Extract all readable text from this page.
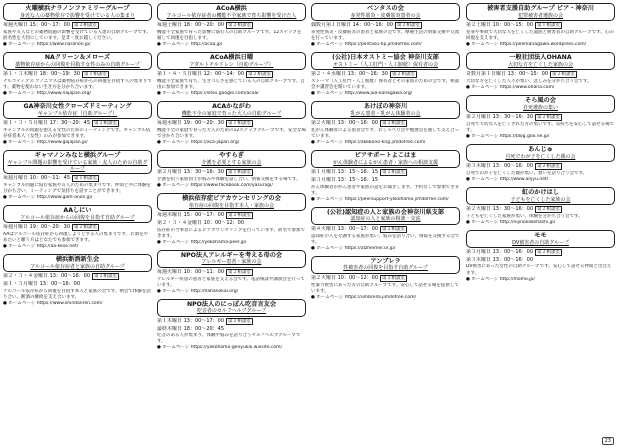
火曜横浜ナラノンファミリーグループ
身近な人の薬物依存で影響を受けている人の集まり
毎週火曜日 15：00～17：00 第２相談室
家族や友人などの薬物問題の影響を受けている人達の自助グループです。匿名性を大切にしています。是非一度お越しください。
● ホームページ https://www.naranon.jp/
NAクリーン＆メローズ
薬物依存症からの回復を目指す女性のみの自助グループ
第１・３木曜日 18：00～19：30 第１相談室
ナルコティクス アノニマスは薬物依存症からの回復を目指す人の集まりです。薬物を使わない生き方を分かち合います。
● ホームページ http://www.najapan.org/
GA神奈川女性クローズドミーティング
ギャンブル依存症（自助グループ）
第１・３・５月曜日 17：30～20：45 第２相談室
ギャンブルの問題を抱える女性のためのミーティングです。ギャンブル依存症者本人（女性）のみが参加できます。
● ホームページ http://www.gajapan.jp/
ギャマノンみなと横浜グループ
ギャンブル問題の影響を受けている家族・友人のための自助グループ
毎週月曜日 10：00～11：45 第１相談室
ギャンブル問題に悩む家族や友人のための集まりです。仲間と共に体験を分かち合い、ミーティングで気持ちを話すことができます。
● ホームページ http://www.gam-anon.jp/
AAしにい
アルコール依存症からの回復を目指す自助グループ
毎週月曜日 19：00～20：30 第２相談室
AAはアルコール依存症から回復しようとする人の集まりです。お酒をやめたいと願う方はどなたでも参加できます。
● ホームページ http://aa-kkse.net/
横浜断酒新生会
アルコール依存症者と家族の自助グループ
第２・３・４金曜日 13：00～16：00 第２相談室
第１・３月曜日 13：00～16：00
アルコール依存症から回復を目指す本人と家族の会です。例会で体験を語り合い、断酒の継続を支え合います。
● ホームページ https://www.shindanren.com/
ACoA横浜
アルコール依存症者の機能不全家族で育ち影響を受けた人
毎週土曜日 18：00～20：00 第２相談室
機能不全家族で育った影響に悩む人の自助グループです。12ステップを通して回復を目指します。
● ホームページ http://acoa.jp/
ACoA横浜日曜
アダルトチルドレン（自助グループ）
第１・４・５日曜日 12：00～14：00 第２相談室
機能不全家族で育ち、生きづらさを感じている人の自助グループです。自由に参加できます。
● ホームページ https://sites.google.com/acoa/
ACAかながわ
機能不全の家庭で育った大人の自助グループ
毎週水曜日 19：00～20：30 第１相談室
機能不全の家庭で育った大人のための12ステップグループです。安全な場で分かち合います。
● ホームページ https://aca-japan.org/
やすらぎ
介護を必要とする家族の会
第２月曜日 13：30～16：30 第１相談室
介護を担う家族同士が悩みや体験を話し合い、情報交換をする場です。
● ホームページ https://www.facebook.com/yasuragi/
横浜依存症ピアカウンセリングの会
依存症の回復を目指す本人・家族の会
毎週木曜日 15：00～17：00 第２相談室
第２・３・４金曜日 10：00～12：00
依存症の当事者によるピアカウンセリングを行っています。匿名で参加できます。
● ホームページ http://yokohama-peer.jp/
NPO法人アレルギーを考える母の会
アレルギー患者・家族の会
毎週火曜日 10：00～11：00 第２相談室
アレルギー疾患の患者と家族を支える会です。電話相談や講演会を行っています。
● ホームページ http://hahanokai.org/
NPO法人のにっぽん吃音言友会
吃音者のセルフヘルプグループ
第１木曜日 13：00～17：00 第２相談室
最終木曜日 18：00～20：45
吃音のある人が集まり、体験や悩みを語り合うセルフヘルプグループです。
● ホームページ https://yokohama-genyukai.wixsite.com/
ベンタスの会
多発性筋炎・皮膚筋炎患者の会
偶数月第１日曜日 14：00～16：00 第２相談室
多発性筋炎・皮膚筋炎の患者と家族の会です。療養生活の情報交換や交流を行っています。
● ホームページ https://pentasu-hp.jimdofree.com/
(公社)日本オストミー協会 神奈川支部
オストミー（人工肛門・人工膀胱）保有者の会
第２・４水曜日 13：00～16：30 第２相談室
ストーマ（人工肛門・人工膀胱）保有者とその家族のための会です。相談会や講習会を開いています。
● ホームページ http://www.joa-kanagawa.org/
あけぼの神奈川
乳がん患者・乳がん体験者の会
第２火曜日 13：00～16：00 第２相談室
乳がん体験者による患者会です。おしゃべり会や勉強会を通して支え合っています。
● ホームページ https://akebono-kng.jimdofree.com/
ピアサポートよこはま
がん体験者によるがん患者・家族への相談支援
第１月曜日 13：15～16：15 第２相談室
第３月曜日 13：15～16：15
がん体験者ががん患者や家族の話をお聞きします。予約なしで参加できます。
● ホームページ https://peersupport-yokohama.jimdofree.com/
(公社)認知症の人と家族の会神奈川県支部
認知症の人と家族の相談・交流
第４火曜日 13：00～17：00 第２相談室
認知症の人を介護する家族が集い、悩みを語り合い、情報を交換する会です。
● ホームページ https://alzheimer.or.jp/
アンブレラ
性被害者の回復を目指す自助グループ
第２火曜日 10：00～12：00 第２相談室
性暴力被害にあった方の自助グループです。安心して話せる場を提供しています。
● ホームページ https://umbrella.jimdofree.com/
被害者支援自助グループ ピア・神奈川
犯罪被害者遺族の会
第２土曜日 10：00～15：00 第１相談室
犯罪や事故で大切な人を亡くした遺族と被害者の自助グループです。心の回復を支えます。
● ホームページ https://peerkanagawa.wordpress.com/
一般社団法人OHANA
大切な方を亡くした家族の会
奇数月第１日曜日 13：00～15：00 第２相談室
大切な方を亡くした人々が集い、悲しみを分かち合う会です。
● ホームページ https://www.ohana.com/
そら風の会
自死遺族の集い
第２月曜日 13：30～16：30 第２相談室
自死で大切な人を亡くされた方の集いです。気持ちを安心して話せる場です。
● ホームページ https://blog.goo.ne.jp/
あんじゅ
自死でわが子を亡くした親の会
第３木曜日 13：00～16：00 第２相談室
自死でわが子を亡くした親が集い、想いを語り合う会です。
● ホームページ http://www.anjyu.net/
虹のかけはし
子どもを亡くした家族の会
第２火曜日 13：30～16：00 第２相談室
子どもを亡くした家族が集い、体験を分かち合う会です。
● ホームページ http://nijinokakehashi.jp/
モモ
DV被害者の自助グループ
第３月曜日 13：00～16：00 第２相談室
第３木曜日 13：00～16：00
DV被害にあった女性の自助グループです。安心して話せる仲間と出会えます。
● ホームページ http://momo.jp/
23
